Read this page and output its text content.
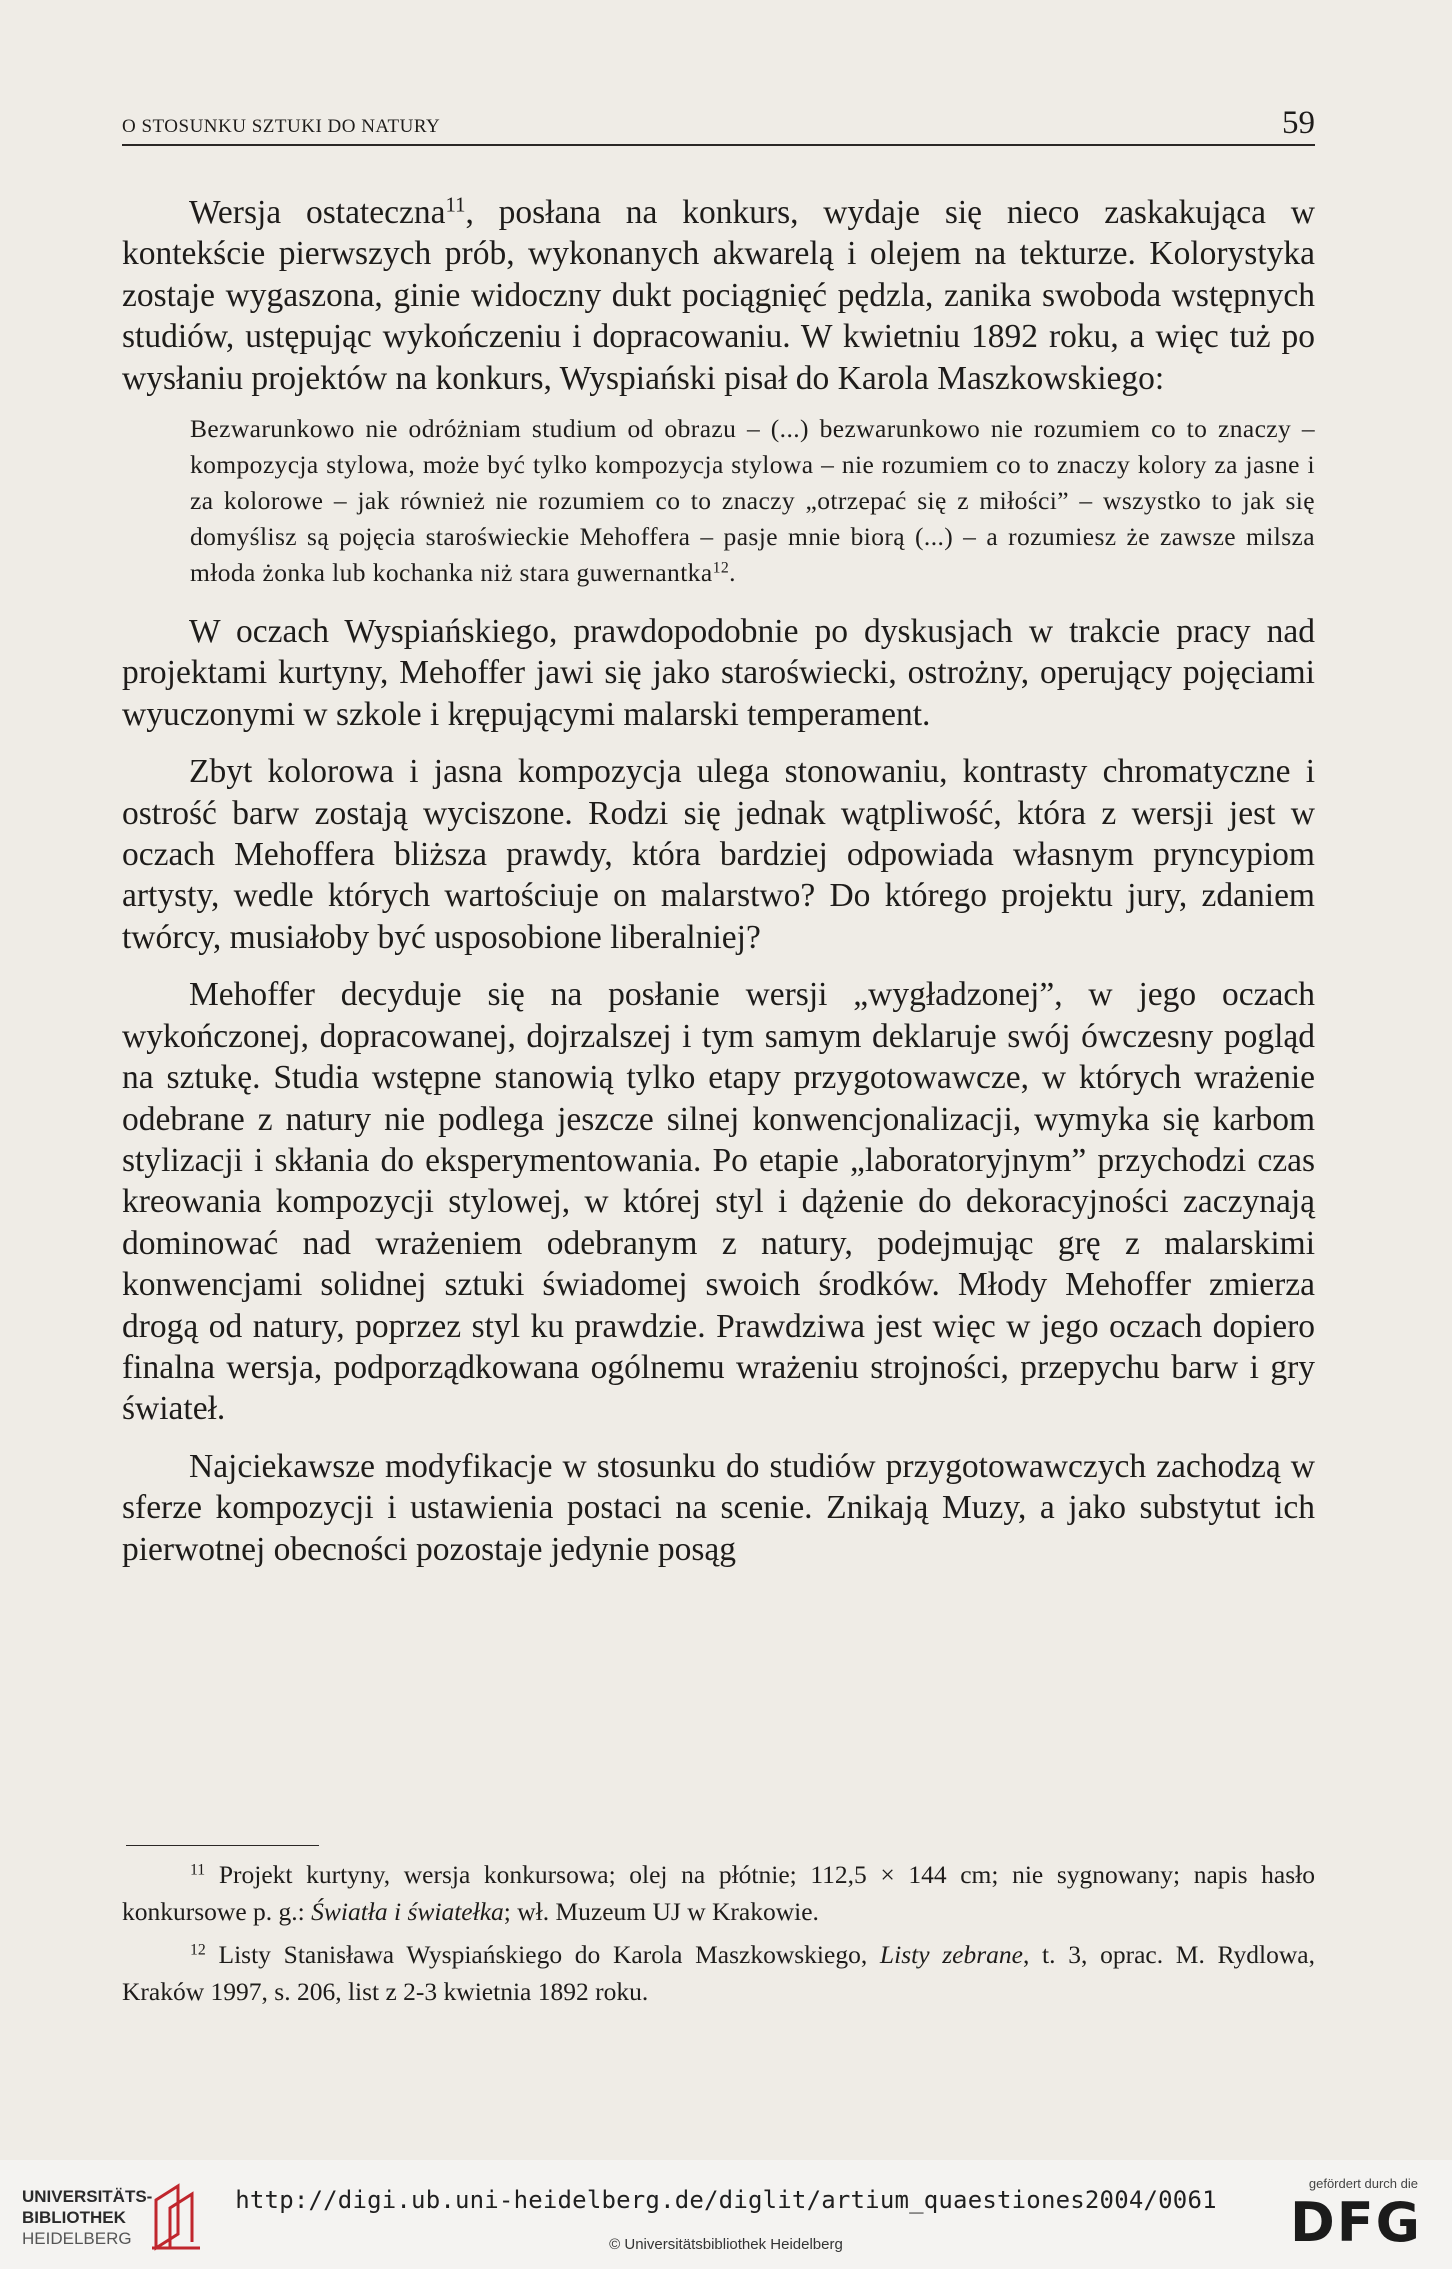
O STOSUNKU SZTUKI DO NATURY	59

Wersja ostateczna$^{11}$, posłana na konkurs, wydaje się nieco zaskakująca w kontekście pierwszych prób, wykonanych akwarelą i olejem na tekturze. Kolorystyka zostaje wygaszona, ginie widoczny dukt pociągnięć pędzla, zanika swoboda wstępnych studiów, ustępując wykończeniu i dopracowaniu. W kwietniu 1892 roku, a więc tuż po wysłaniu projektów na konkurs, Wyspiański pisał do Karola Maszkowskiego:

Bezwarunkowo nie odróżniam studium od obrazu – (...) bezwarunkowo nie rozumiem co to znaczy – kompozycja stylowa, może być tylko kompozycja stylowa – nie rozumiem co to znaczy kolory za jasne i za kolorowe – jak również nie rozumiem co to znaczy „otrzepać się z miłości” – wszystko to jak się domyślisz są pojęcia staroświeckie Mehoffera – pasje mnie biorą (...) – a rozumiesz że zawsze milsza młoda żonka lub kochanka niż stara guwernantka$^{12}$.

W oczach Wyspiańskiego, prawdopodobnie po dyskusjach w trakcie pracy nad projektami kurtyny, Mehoffer jawi się jako staroświecki, ostrożny, operujący pojęciami wyuczonymi w szkole i krępującymi malarski temperament.

Zbyt kolorowa i jasna kompozycja ulega stonowaniu, kontrasty chromatyczne i ostrość barw zostają wyciszone. Rodzi się jednak wątpliwość, która z wersji jest w oczach Mehoffera bliższa prawdy, która bardziej odpowiada własnym pryncypiom artysty, wedle których wartościuje on malarstwo? Do którego projektu jury, zdaniem twórcy, musiałoby być usposobione liberalniej?

Mehoffer decyduje się na posłanie wersji „wygładzonej”, w jego oczach wykończonej, dopracowanej, dojrzalszej i tym samym deklaruje swój ówczesny pogląd na sztukę. Studia wstępne stanowią tylko etapy przygotowawcze, w których wrażenie odebrane z natury nie podlega jeszcze silnej konwencjonalizacji, wymyka się karbom stylizacji i skłania do eksperymentowania. Po etapie „laboratoryjnym” przychodzi czas kreowania kompozycji stylowej, w której styl i dążenie do dekoracyjności zaczynają dominować nad wrażeniem odebranym z natury, podejmując grę z malarskimi konwencjami solidnej sztuki świadomej swoich środków. Młody Mehoffer zmierza drogą od natury, poprzez styl ku prawdzie. Prawdziwa jest więc w jego oczach dopiero finalna wersja, podporządkowana ogólnemu wrażeniu strojności, przepychu barw i gry świateł.

Najciekawsze modyfikacje w stosunku do studiów przygotowawczych zachodzą w sferze kompozycji i ustawienia postaci na scenie. Znikają Muzy, a jako substytut ich pierwotnej obecności pozostaje jedynie posąg

$^{11}$ Projekt kurtyny, wersja konkursowa; olej na płótnie; 112,5 × 144 cm; nie sygnowany; napis hasło konkursowe p. g.: Światła i światełka; wł. Muzeum UJ w Krakowie.

$^{12}$ Listy Stanisława Wyspiańskiego do Karola Maszkowskiego, Listy zebrane, t. 3, oprac. M. Rydlowa, Kraków 1997, s. 206, list z 2-3 kwietnia 1892 roku.

UNIVERSITÄTS-
BIBLIOTHEK
HEIDELBERG
http://digi.ub.uni-heidelberg.de/diglit/artium_quaestiones2004/0061
© Universitätsbibliothek Heidelberg
gefördert durch die
DFG
